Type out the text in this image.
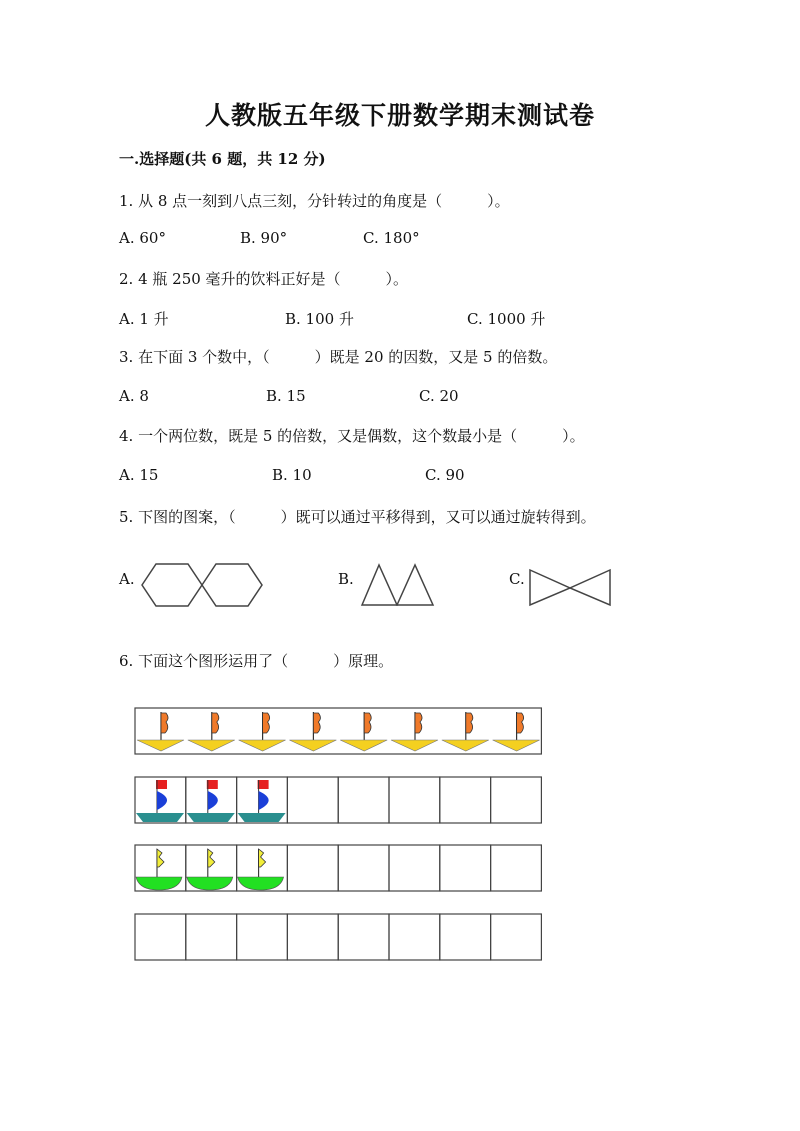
人教版五年级下册数学期末测试卷
一.选择题(共 6 题，共 12 分)
1. 从 8 点一刻到八点三刻，分针转过的角度是（　　　）。
A. 60°	B. 90°	C. 180°
2. 4 瓶 250 毫升的饮料正好是（　　　）。
A. 1 升	B. 100 升	C. 1000 升
3. 在下面 3 个数中，（　　　）既是 20 的因数，又是 5 的倍数。
A. 8	B. 15	C. 20
4. 一个两位数，既是 5 的倍数，又是偶数，这个数最小是（　　　）。
A. 15	B. 10	C. 90
5. 下图的图案，（　　　）既可以通过平移得到，又可以通过旋转得到。
A.	B.	C.
6. 下面这个图形运用了（　　　）原理。
